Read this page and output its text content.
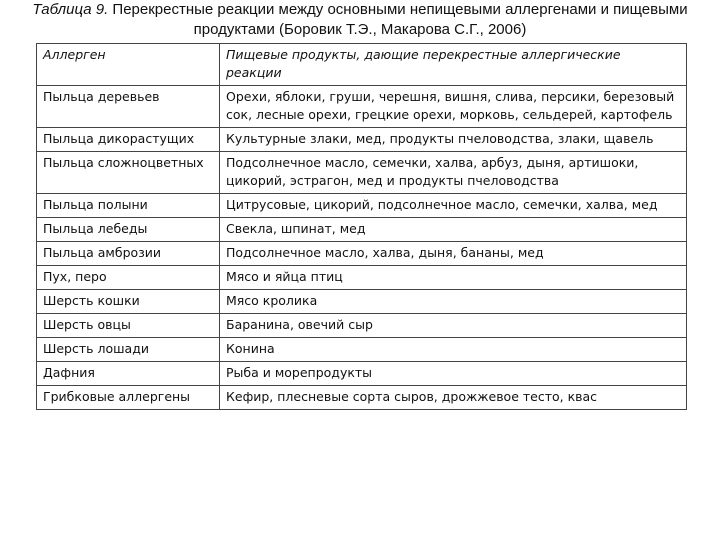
Таблица 9. Перекрестные реакции между основными непищевыми аллергенами и пищевыми продуктами (Боровик Т.Э., Макарова С.Г., 2006)
Аллерген	Пищевые продукты, дающие перекрестные аллергические реакции
Пыльца деревьев	Орехи, яблоки, груши, черешня, вишня, слива, персики, березовый сок, лесные орехи, грецкие орехи, морковь, сельдерей, картофель
Пыльца дикорастущих	Культурные злаки, мед, продукты пчеловодства, злаки, щавель
Пыльца сложноцветных	Подсолнечное масло, семечки, халва, арбуз, дыня, артишоки, цикорий, эстрагон, мед и продукты пчеловодства
Пыльца полыни	Цитрусовые, цикорий, подсолнечное масло, семечки, халва, мед
Пыльца лебеды	Свекла, шпинат, мед
Пыльца амброзии	Подсолнечное масло, халва, дыня, бананы, мед
Пух, перо	Мясо и яйца птиц
Шерсть кошки	Мясо кролика
Шерсть овцы	Баранина, овечий сыр
Шерсть лошади	Конина
Дафния	Рыба и морепродукты
Грибковые аллергены	Кефир, плесневые сорта сыров, дрожжевое тесто, квас
